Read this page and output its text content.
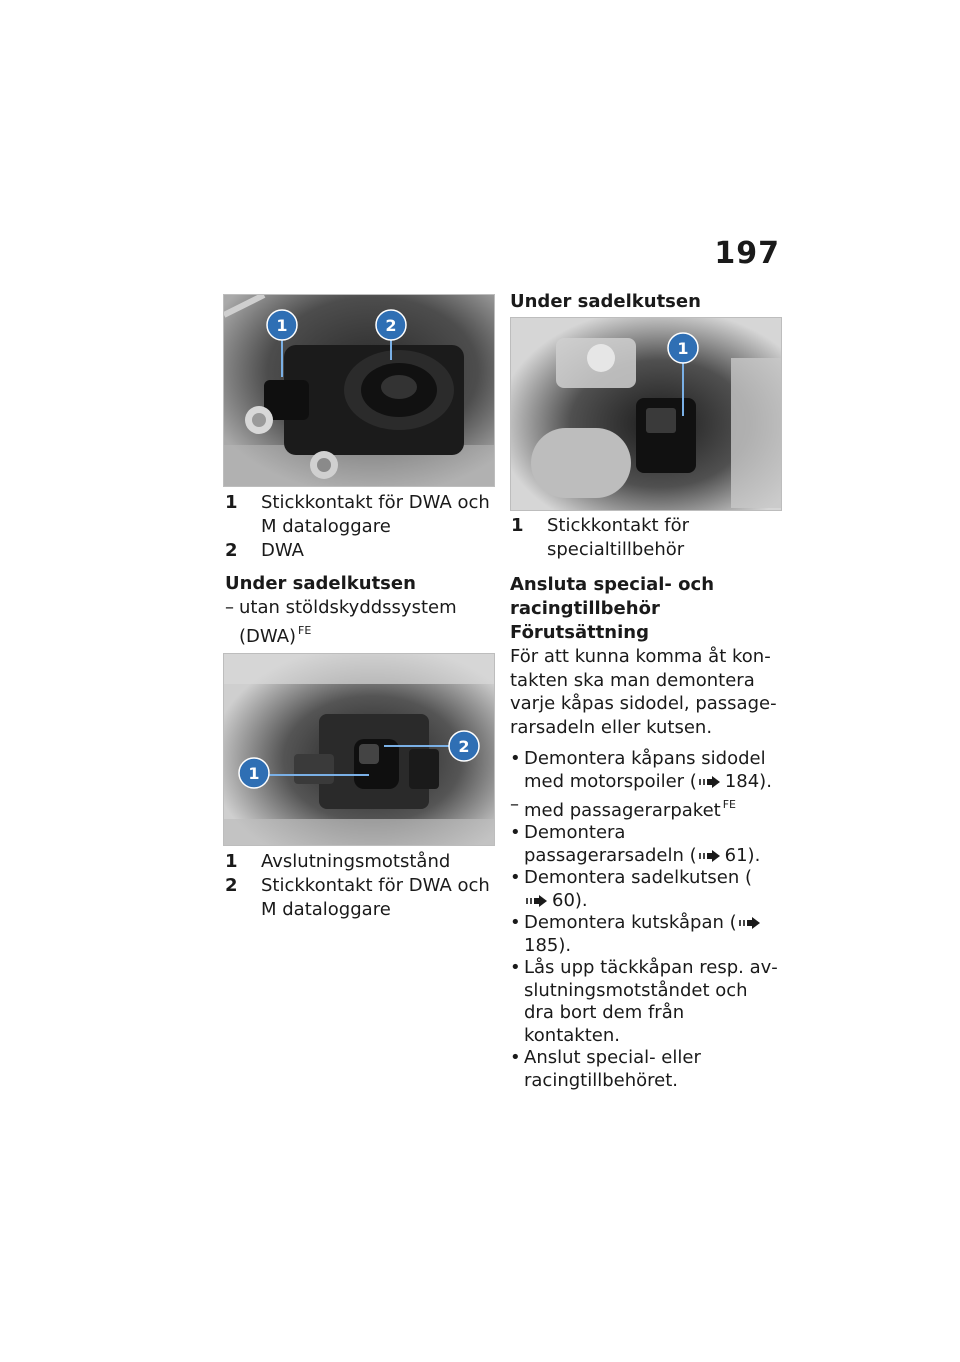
197
1	2
1	Stickkontakt för DWA och M dataloggare
2	DWA
Under sadelkutsen
– utan stöldskyddssystem (DWA) $^{FE}$
1
2
1	Avslutningsmotstånd
2	Stickkontakt för DWA och M dataloggare
Under sadelkutsen
1
1	Stickkontakt för specialtillbehör
Ansluta special- och racingtillbehör
Förutsättning
För att kunna komma åt kontakten ska man demontera varje kåpas sidodel, passagerarsadeln eller kutsen.
• Demontera kåpans sidodel med motorspoiler ( 184).
– med passagerarpaket $^{FE}$
• Demontera passagerarsadeln ( 61).
• Demontera sadelkutsen (60).
• Demontera kutskåpan (185).
• Lås upp täckkåpan resp. avslutningsmotståndet och dra bort dem från kontakten.
• Anslut special- eller racingtillbehöret.
